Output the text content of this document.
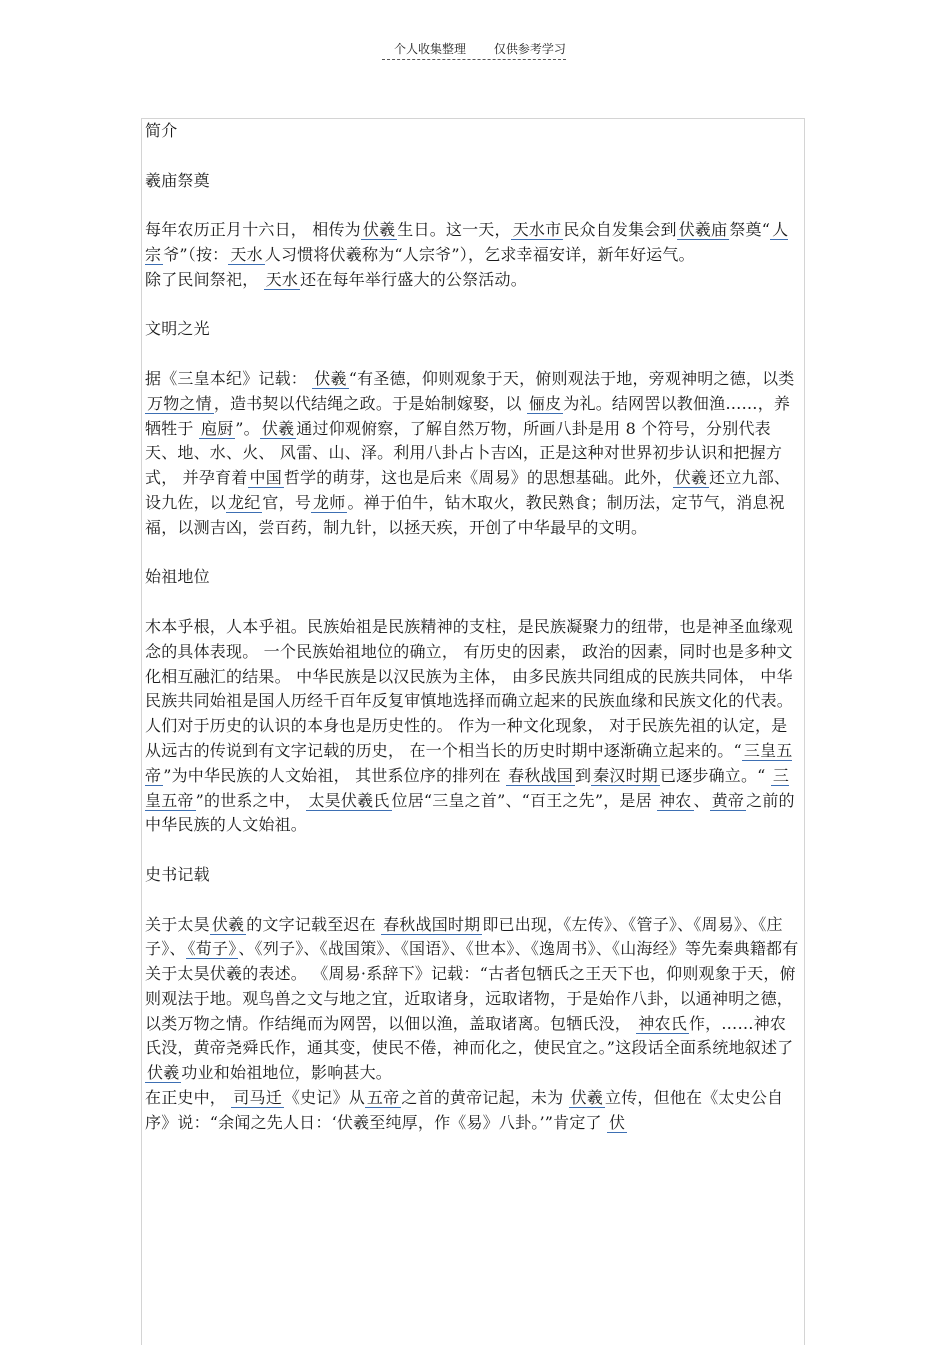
个人收集整理 仅供参考学习
简介
羲庙祭奠

每年农历正月十六日， 相传为 伏羲 生日。这一天， 天水市 民众自发集会到 伏羲庙 祭奠“ 人宗 爷”（按： 天水 人习惯将伏羲称为“人宗爷”），乞求幸福安详，新年好运气。

除了民间祭祀， 天水 还在每年举行盛大的公祭活动。

文明之光

据《三皇本纪》记载： 伏羲 “有圣德，仰则观象于天，俯则观法于地，旁观神明之德，以类万物之情 ，造书契以代结绳之政。于是始制嫁娶，以 俪皮 为礼。结网罟以教佃渔……，养牺牲于 庖厨 ”。 伏羲 通过仰观俯察，了解自然万物，所画八卦是用 8 个符号，分别代表天、地、水、火、 风雷、山、泽。利用八卦占卜吉凶，正是这种对世界初步认识和把握方式， 并孕育着 中国 哲学的萌芽，这也是后来《周易》的思想基础。此外， 伏羲 还立九部、设九佐，以 龙纪 官，号 龙师 。禅于伯牛，钻木取火，教民熟食；制历法，定节气，消息祝福，以测吉凶，尝百药，制九针，以拯天疾，开创了中华最早的文明。

始祖地位

木本乎根，人本乎祖。民族始祖是民族精神的支柱，是民族凝聚力的纽带，也是神圣血缘观念的具体表现。 一个民族始祖地位的确立， 有历史的因素， 政治的因素，同时也是多种文化相互融汇的结果。 中华民族是以汉民族为主体， 由多民族共同组成的民族共同体， 中华民族共同始祖是国人历经千百年反复审慎地选择而确立起来的民族血缘和民族文化的代表。

人们对于历史的认识的本身也是历史性的。 作为一种文化现象， 对于民族先祖的认定，是从远古的传说到有文字记载的历史， 在一个相当长的历史时期中逐渐确立起来的。“ 三皇五帝 ”为中华民族的人文始祖， 其世系位序的排列在 春秋战国 到 秦汉时期 已逐步确立。“ 三皇五帝 ”的世系之中， 太昊伏羲氏 位居“三皇之首”、“百王之先”，是居 神农 、 黄帝 之前的中华民族的人文始祖。

史书记载

关于太昊 伏羲 的文字记载至迟在 春秋战国时期 即已出现，《左传》、《管子》、《周易》、《庄子》、 《荀子》 、《列子》、《战国策》、《国语》、《世本》、《逸周书》、《山海经》等先秦典籍都有关于太昊伏羲的表述。 《周易·系辞下》记载：“古者包牺氏之王天下也，仰则观象于天，俯则观法于地。观鸟兽之文与地之宜，近取诸身，远取诸物，于是始作八卦，以通神明之德，以类万物之情。作结绳而为网罟，以佃以渔，盖取诸离。包牺氏没， 神农氏 作，……神农氏没，黄帝尧舜氏作，通其变，使民不倦，神而化之，使民宜之。”这段话全面系统地叙述了伏羲 功业和始祖地位，影响甚大。

在正史中， 司马迁 《史记》从 五帝 之首的黄帝记起，未为 伏羲 立传，但他在《太史公自序》说：“余闻之先人日：‘伏羲至纯厚，作《易》八卦。’”肯定了 伏
